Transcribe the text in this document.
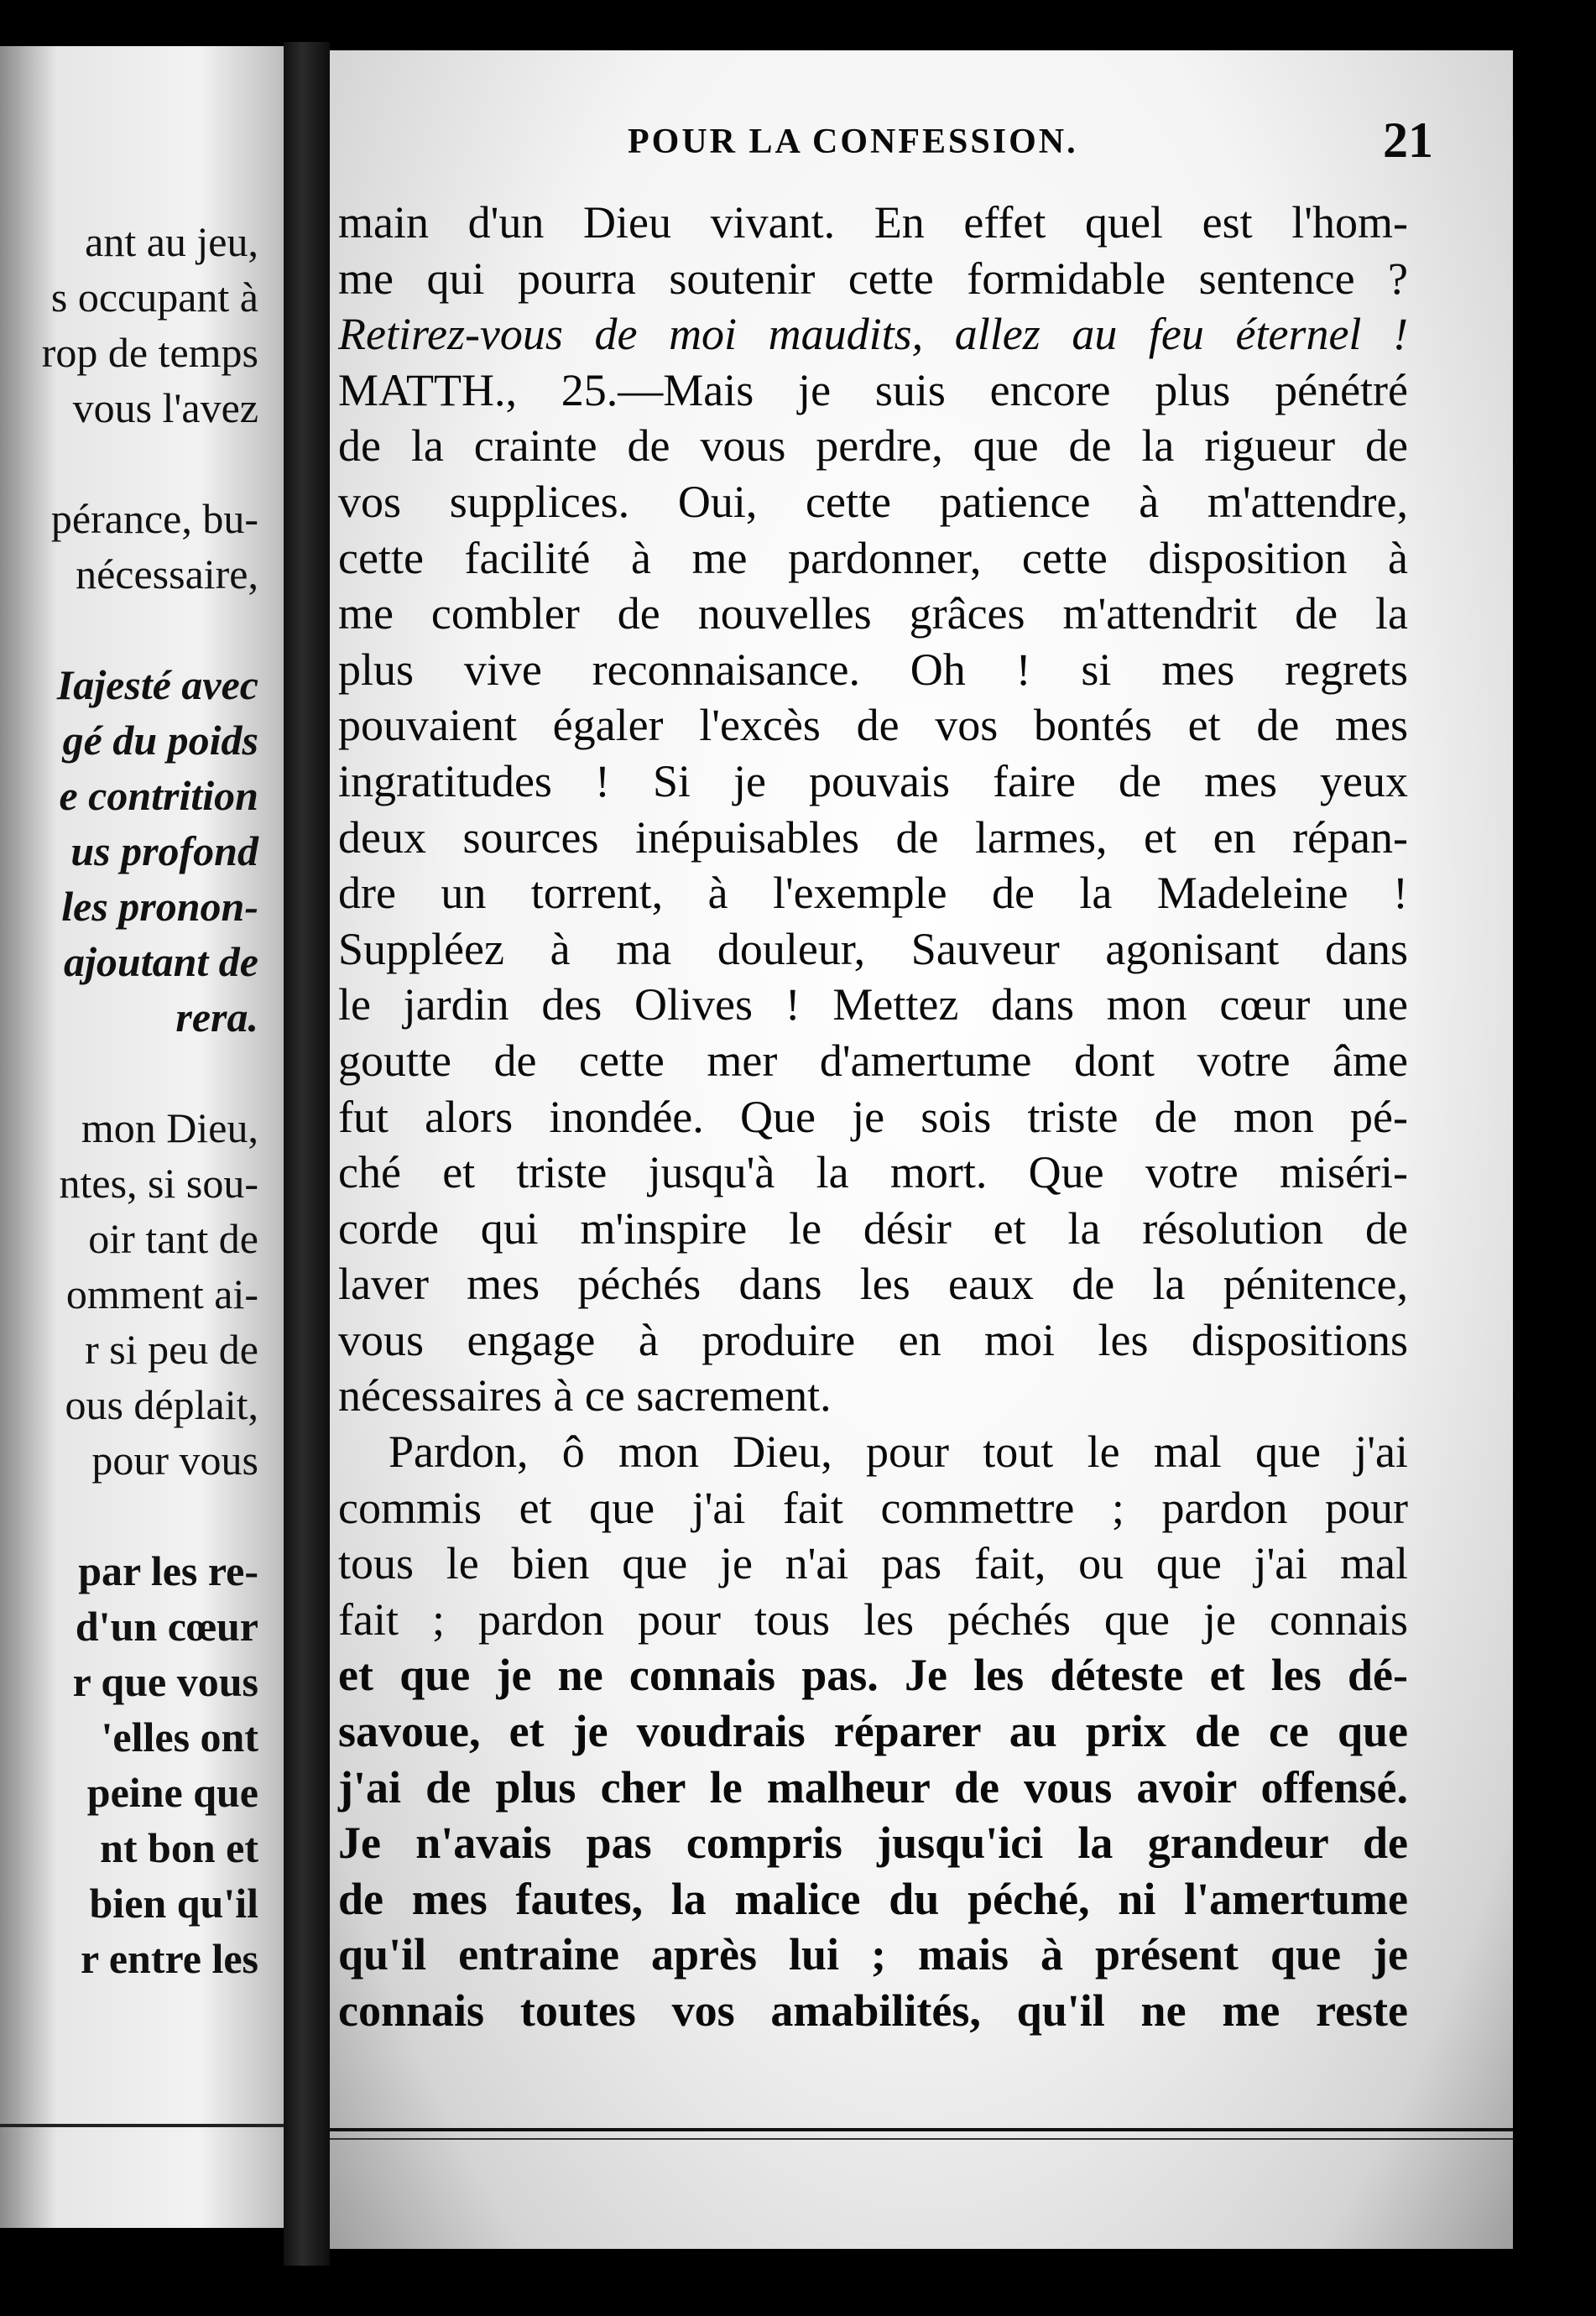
ant au jeu,
s occupant à
rop de temps
vous l'avez
pérance, bu-
nécessaire,
Iajesté avec
gé du poids
e contrition
us profond
les pronon-
ajoutant de
rera.
mon Dieu,
ntes, si sou-
oir tant de
omment ai-
r si peu de
ous déplait,
pour vous
par les re-
d'un cœur
r que vous
'elles ont
peine que
nt bon et
bien qu'il
r entre les
POUR LA CONFESSION.	21
main d'un Dieu vivant. En effet quel est l'hom-
me qui pourra soutenir cette formidable sentence ?
Retirez-vous de moi maudits, allez au feu éternel !
MATTH., 25.—Mais je suis encore plus pénétré
de la crainte de vous perdre, que de la rigueur de
vos supplices. Oui, cette patience à m'attendre,
cette facilité à me pardonner, cette disposition à
me combler de nouvelles grâces m'attendrit de la
plus vive reconnaisance. Oh ! si mes regrets
pouvaient égaler l'excès de vos bontés et de mes
ingratitudes ! Si je pouvais faire de mes yeux
deux sources inépuisables de larmes, et en répan-
dre un torrent, à l'exemple de la Madeleine !
Suppléez à ma douleur, Sauveur agonisant dans
le jardin des Olives ! Mettez dans mon cœur une
goutte de cette mer d'amertume dont votre âme
fut alors inondée. Que je sois triste de mon pé-
ché et triste jusqu'à la mort. Que votre miséri-
corde qui m'inspire le désir et la résolution de
laver mes péchés dans les eaux de la pénitence,
vous engage à produire en moi les dispositions
nécessaires à ce sacrement.
Pardon, ô mon Dieu, pour tout le mal que j'ai
commis et que j'ai fait commettre ; pardon pour
tous le bien que je n'ai pas fait, ou que j'ai mal
fait ; pardon pour tous les péchés que je connais
et que je ne connais pas. Je les déteste et les dé-
savoue, et je voudrais réparer au prix de ce que
j'ai de plus cher le malheur de vous avoir offensé.
Je n'avais pas compris jusqu'ici la grandeur de
de mes fautes, la malice du péché, ni l'amertume
qu'il entraine après lui ; mais à présent que je
connais toutes vos amabilités, qu'il ne me reste
